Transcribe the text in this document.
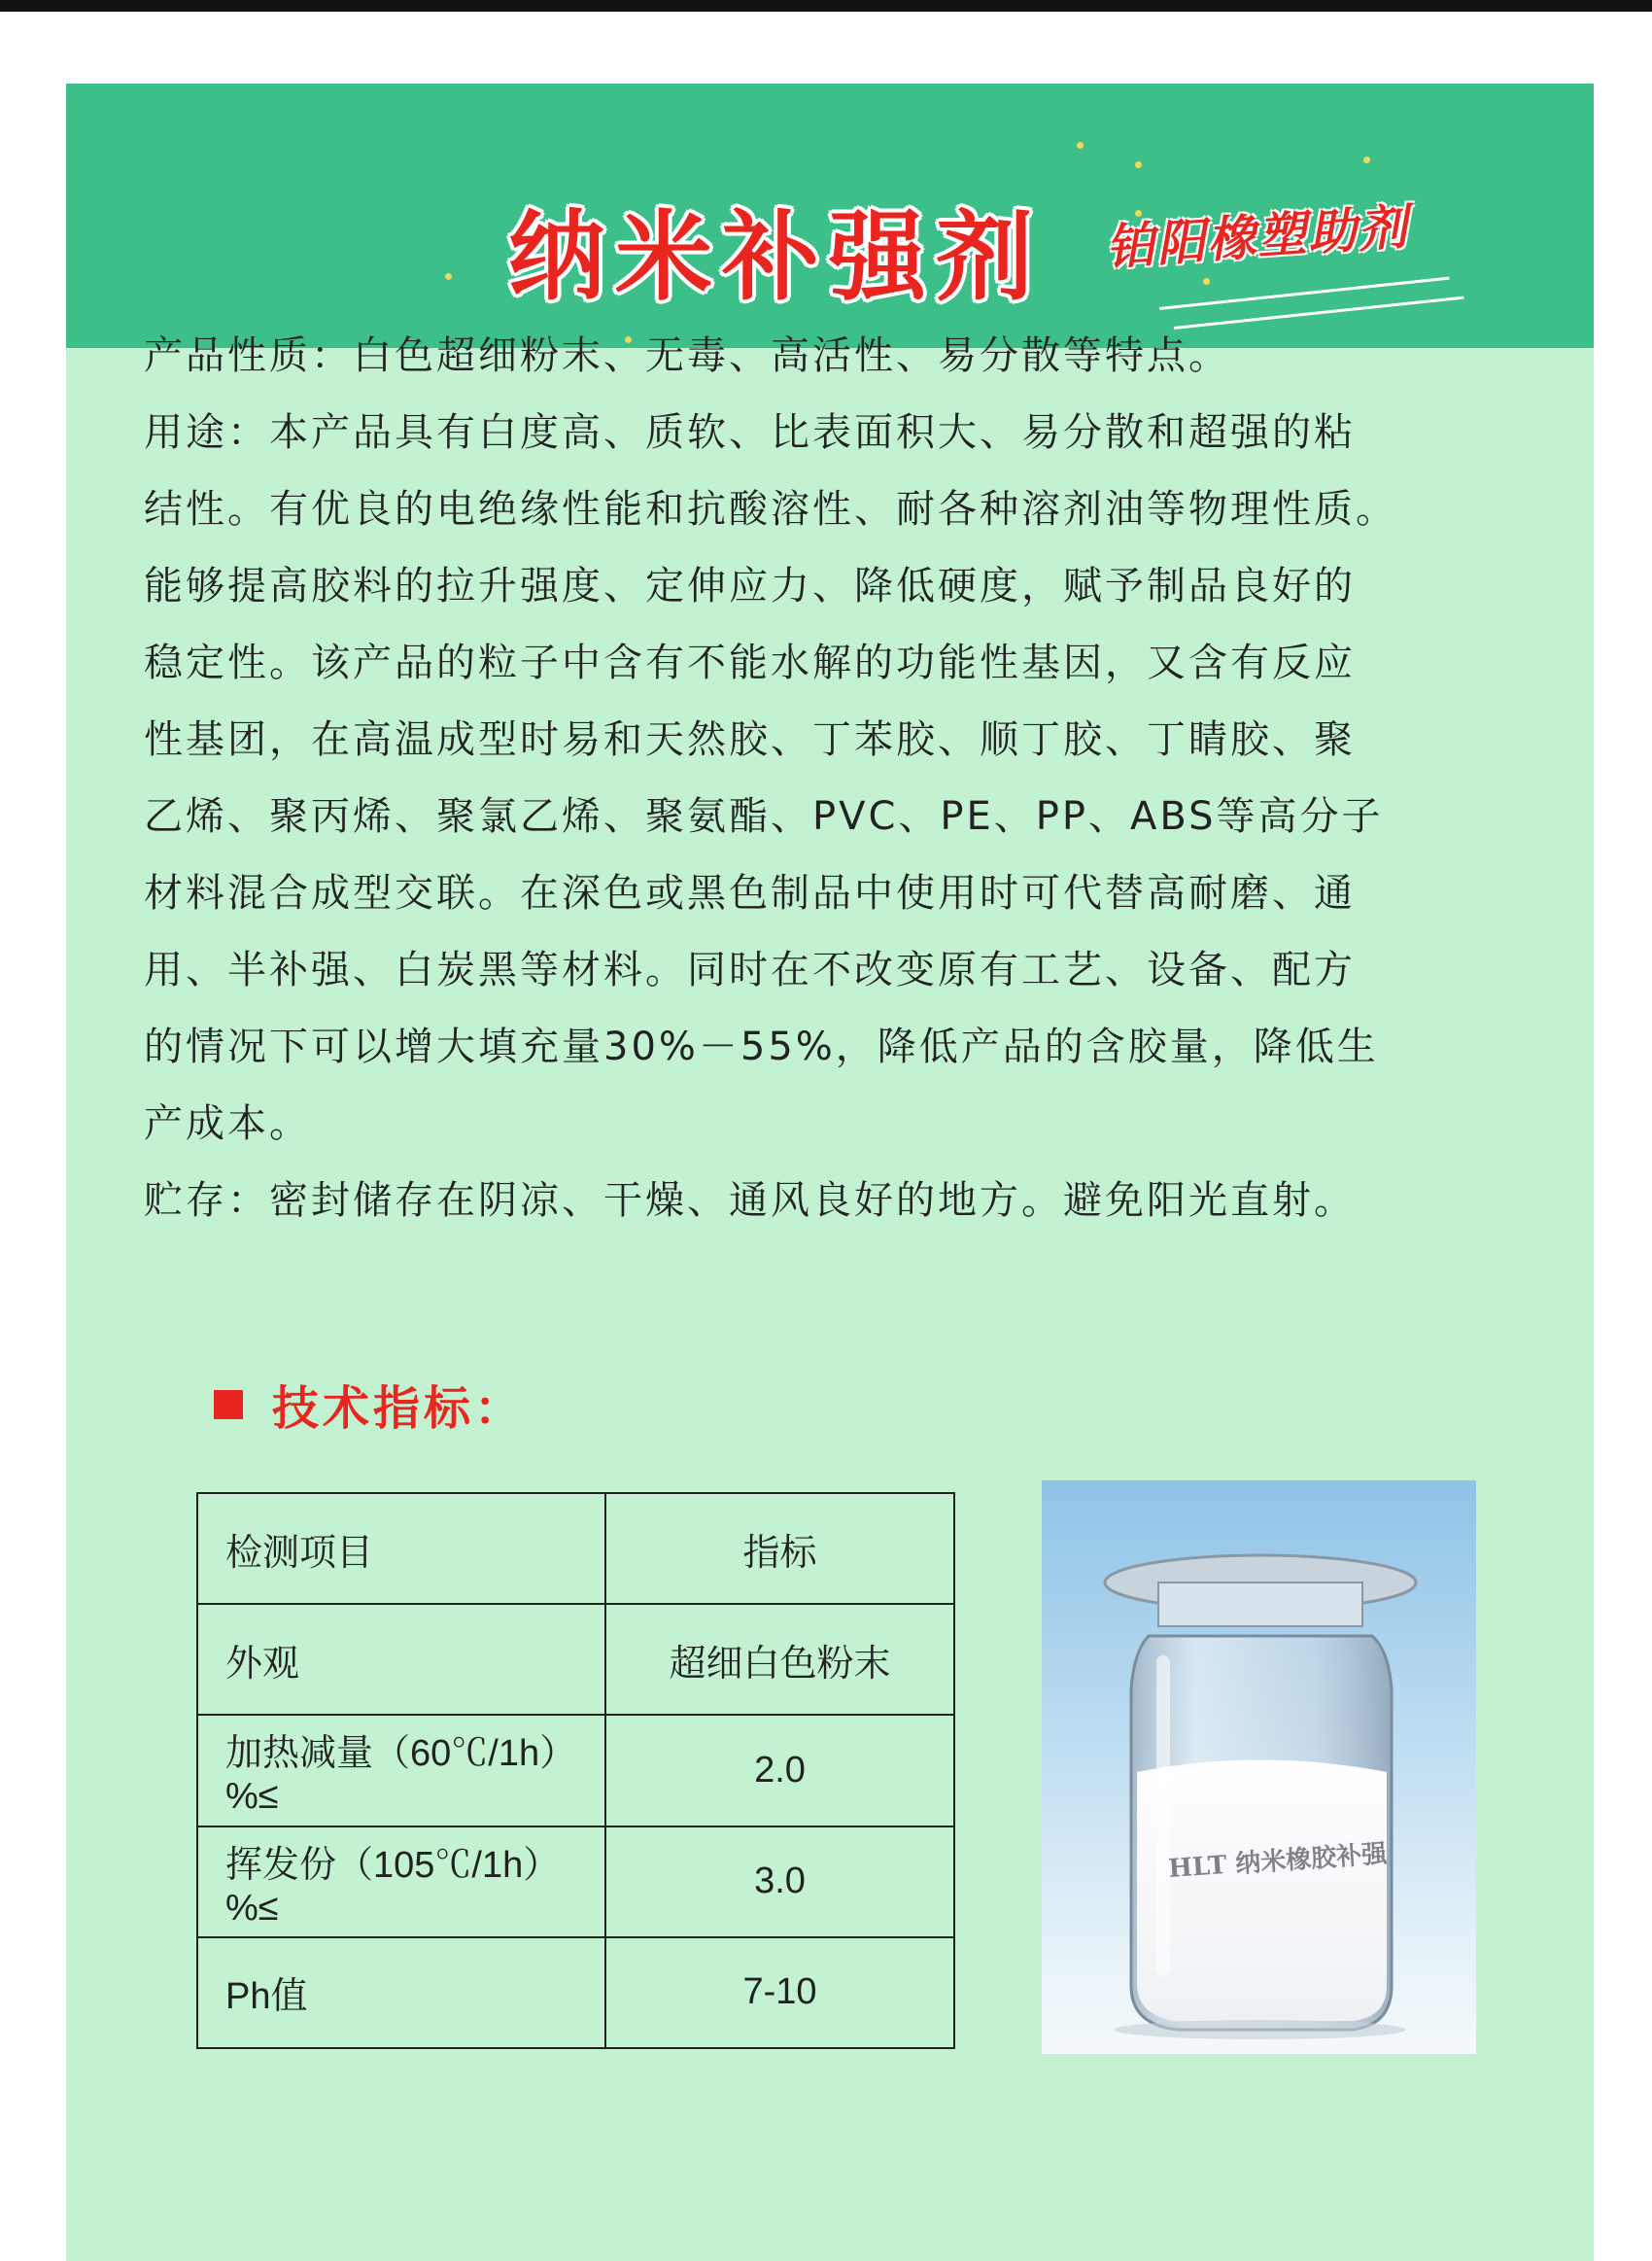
纳米补强剂	铂阳橡塑助剂

产品性质：白色超细粉末、无毒、高活性、易分散等特点。

用途：本产品具有白度高、质软、比表面积大、易分散和超强的粘

结性。有优良的电绝缘性能和抗酸溶性、耐各种溶剂油等物理性质。

能够提高胶料的拉升强度、定伸应力、降低硬度，赋予制品良好的

稳定性。该产品的粒子中含有不能水解的功能性基因，又含有反应

性基团，在高温成型时易和天然胶、丁苯胶、顺丁胶、丁睛胶、聚

乙烯、聚丙烯、聚氯乙烯、聚氨酯、PVC、PE、PP、ABS等高分子

材料混合成型交联。在深色或黑色制品中使用时可代替高耐磨、通

用、半补强、白炭黑等材料。同时在不改变原有工艺、设备、配方

的情况下可以增大填充量30%－55%，降低产品的含胶量，降低生

产成本。

贮存：密封储存在阴凉、干燥、通风良好的地方。避免阳光直射。

技术指标：
检测项目	指标
外观	超细白色粉末
加热减量（60℃/1h）%≤	2.0
挥发份（105℃/1h）%≤	3.0
Ph值	7-10
HLT 纳米橡胶补强
